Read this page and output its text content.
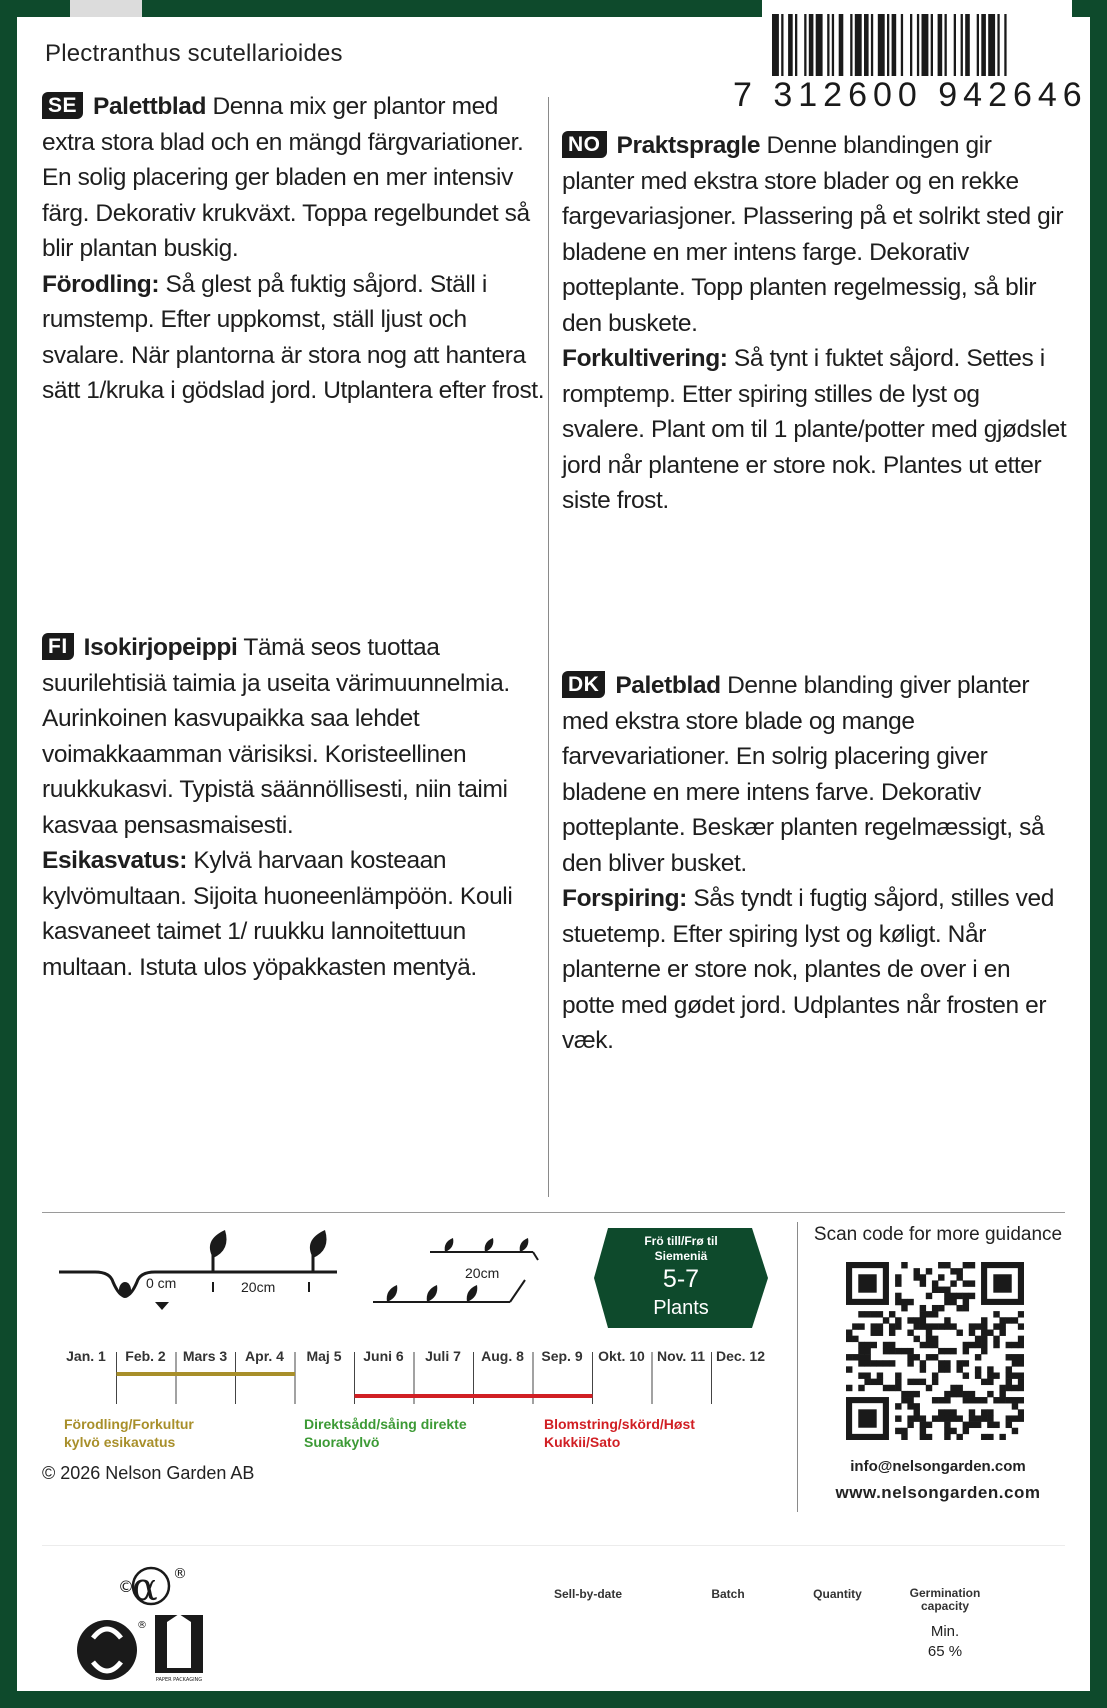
7 312600 942646
Plectranthus scutellarioides

SE Palettblad Denna mix ger plantor med extra stora blad och en mängd färgvariationer. En solig placering ger bladen en mer intensiv färg. Dekorativ krukväxt. Toppa regelbundet så blir plantan buskig.

Förodling: Så glest på fuktig såjord. Ställ i rumstemp. Efter uppkomst, ställ ljust och svalare. När plantorna är stora nog att hantera sätt 1/kruka i gödslad jord. Utplantera efter frost.

NO Praktspragle Denne blandingen gir planter med ekstra store blader og en rekke fargevariasjoner. Plassering på et solrikt sted gir bladene en mer intens farge. Dekorativ potteplante. Topp planten regelmessig, så blir den buskete.

Forkultivering: Så tynt i fuktet såjord. Settes i romptemp. Etter spiring stilles de lyst og svalere. Plant om til 1 plante/potter med gjødslet jord når plantene er store nok. Plantes ut etter siste frost.

FI Isokirjopeippi Tämä seos tuottaa suurilehtisiä taimia ja useita värimuunnelmia. Aurinkoinen kasvupaikka saa lehdet voimakkaamman värisiksi. Koristeellinen ruukkukasvi. Typistä säännöllisesti, niin taimi kasvaa pensasmaisesti.

Esikasvatus: Kylvä harvaan kosteaan kylvömultaan. Sijoita huoneenlämpöön. Kouli kasvaneet taimet 1/ ruukku lannoitettuun multaan. Istuta ulos yöpakkasten mentyä.

DK Paletblad Denne blanding giver planter med ekstra store blade og mange farvevariationer. En solrig placering giver bladene en mere intens farve. Dekorativ potteplante. Beskær planten regelmæssigt, så den bliver busket.

Forspiring: Sås tyndt i fugtig såjord, stilles ved stuetemp. Efter spiring lyst og køligt. Når planterne er store nok, plantes de over i en potte med gødet jord. Udplantes når frosten er væk.

0 cm	20cm
20cm
Frö till/Frø til
Siemeniä
5-7
Plants
Jan. 1	Feb. 2	Mars 3	Apr. 4	Maj 5	Juni 6	Juli 7	Aug. 8	Sep. 9	Okt. 10 Nov. 11 Dec. 12
Förodling/Forkultur
kylvö esikavatus
Direktsådd/såing direkte
Suorakylvö
Blomstring/skörd/Høst
Kukkii/Sato
© 2026 Nelson Garden AB
Scan code for more guidance
info@nelsongarden.com
www.nelsongarden.com
©
α ®
®
PAPER PACKAGING
Sell-by-date	Batch	Quantity	Germination
capacity
Min.
65 %
